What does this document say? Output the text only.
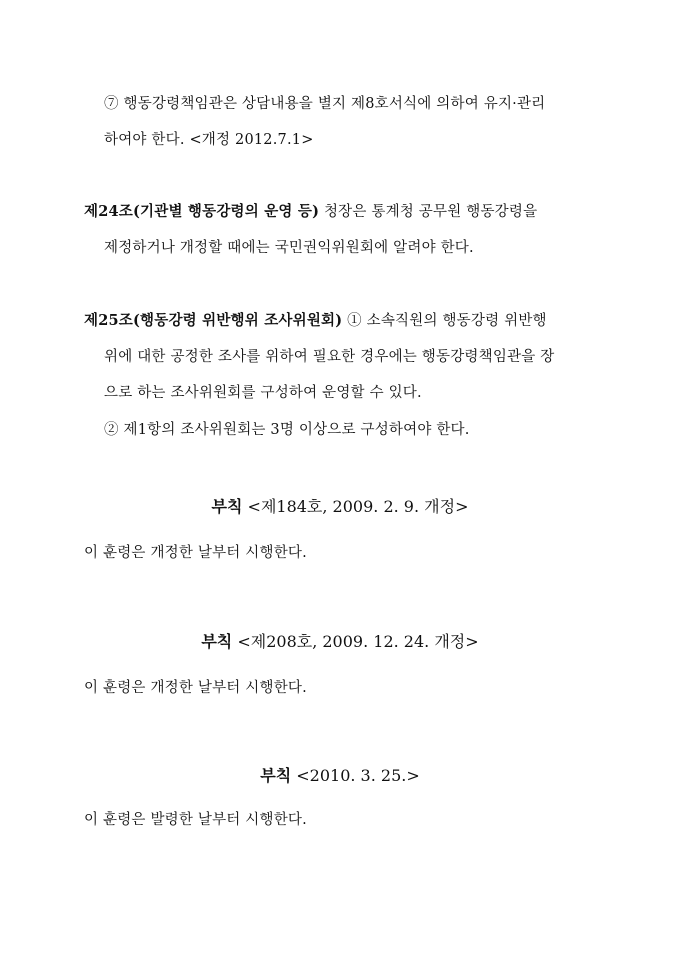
⑦ 행동강령책임관은 상담내용을 별지 제8호서식에 의하여 유지·관리
하여야 한다. <개정 2012.7.1>
제24조(기관별 행동강령의 운영 등) 청장은 통계청 공무원 행동강령을
제정하거나 개정할 때에는 국민권익위원회에 알려야 한다.
제25조(행동강령 위반행위 조사위원회) ① 소속직원의 행동강령 위반행
위에 대한 공정한 조사를 위하여 필요한 경우에는 행동강령책임관을 장
으로 하는 조사위원회를 구성하여 운영할 수 있다.
② 제1항의 조사위원회는 3명 이상으로 구성하여야 한다.
부칙 <제184호, 2009. 2. 9. 개정>
이 훈령은 개정한 날부터 시행한다.
부칙 <제208호, 2009. 12. 24. 개정>
이 훈령은 개정한 날부터 시행한다.
부칙 <2010. 3. 25.>
이 훈령은 발령한 날부터 시행한다.
